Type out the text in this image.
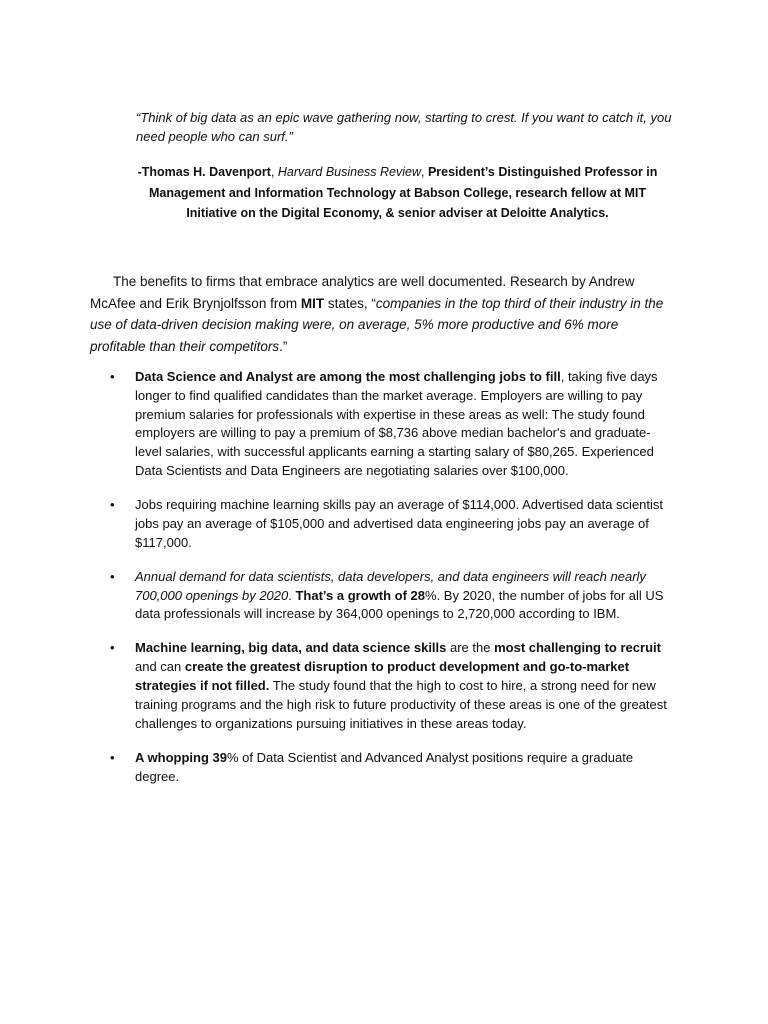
“Think of big data as an epic wave gathering now, starting to crest. If you want to catch it, you need people who can surf.”

-Thomas H. Davenport, Harvard Business Review, President’s Distinguished Professor in Management and Information Technology at Babson College, research fellow at MIT Initiative on the Digital Economy, & senior adviser at Deloitte Analytics.

The benefits to firms that embrace analytics are well documented. Research by Andrew McAfee and Erik Brynjolfsson from MIT states, “companies in the top third of their industry in the use of data-driven decision making were, on average, 5% more productive and 6% more profitable than their competitors.”

• Data Science and Analyst are among the most challenging jobs to fill, taking five days longer to find qualified candidates than the market average. Employers are willing to pay premium salaries for professionals with expertise in these areas as well: The study found employers are willing to pay a premium of $8,736 above median bachelor's and graduate-level salaries, with successful applicants earning a starting salary of $80,265. Experienced Data Scientists and Data Engineers are negotiating salaries over $100,000.
• Jobs requiring machine learning skills pay an average of $114,000. Advertised data scientist jobs pay an average of $105,000 and advertised data engineering jobs pay an average of $117,000.
• Annual demand for data scientists, data developers, and data engineers will reach nearly 700,000 openings by 2020. That’s a growth of 28%. By 2020, the number of jobs for all US data professionals will increase by 364,000 openings to 2,720,000 according to IBM.
• Machine learning, big data, and data science skills are the most challenging to recruit and can create the greatest disruption to product development and go-to-market strategies if not filled. The study found that the high to cost to hire, a strong need for new training programs and the high risk to future productivity of these areas is one of the greatest challenges to organizations pursuing initiatives in these areas today.
• A whopping 39% of Data Scientist and Advanced Analyst positions require a graduate degree.
